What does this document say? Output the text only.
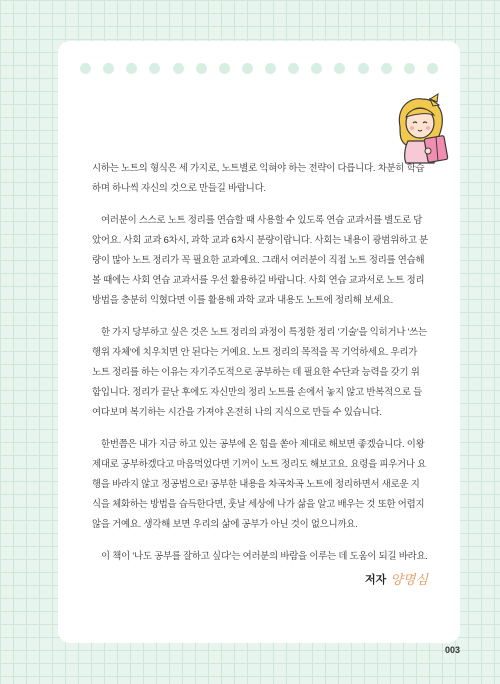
시하는 노트의 형식은 세 가지로, 노트별로 익혀야 하는 전략이 다릅니다. 차분히 학습하며 하나씩 자신의 것으로 만들길 바랍니다.

여러분이 스스로 노트 정리를 연습할 때 사용할 수 있도록 연습 교과서를 별도로 담았어요. 사회 교과 6차시, 과학 교과 6차시 분량이랍니다. 사회는 내용이 광범위하고 분량이 많아 노트 정리가 꼭 필요한 교과예요. 그래서 여러분이 직접 노트 정리를 연습해 볼 때에는 사회 연습 교과서를 우선 활용하길 바랍니다. 사회 연습 교과서로 노트 정리 방법을 충분히 익혔다면 이를 활용해 과학 교과 내용도 노트에 정리해 보세요.

한 가지 당부하고 싶은 것은 노트 정리의 과정이 특정한 정리 '기술'을 익히거나 '쓰는 행위 자체'에 치우치면 안 된다는 거예요. 노트 정리의 목적을 꼭 기억하세요. 우리가 노트 정리를 하는 이유는 자기주도적으로 공부하는 데 필요한 수단과 능력을 갖기 위함입니다. 정리가 끝난 후에도 자신만의 정리 노트를 손에서 놓지 않고 반복적으로 들여다보며 복기하는 시간을 가져야 온전히 나의 지식으로 만들 수 있습니다.

한번쯤은 내가 지금 하고 있는 공부에 온 힘을 쏟아 제대로 해보면 좋겠습니다. 이왕 제대로 공부하겠다고 마음먹었다면 기꺼이 노트 정리도 해보고요. 요령을 피우거나 요행을 바라지 않고 정공법으로! 공부한 내용을 차곡차곡 노트에 정리하면서 새로운 지식을 체화하는 방법을 습득한다면, 훗날 세상에 나가 삶을 알고 배우는 것 또한 어렵지 않을 거예요. 생각해 보면 우리의 삶에 공부가 아닌 것이 없으니까요.

이 책이 '나도 공부를 잘하고 싶다'는 여러분의 바람을 이루는 데 도움이 되길 바라요.

저자 양명심
003
